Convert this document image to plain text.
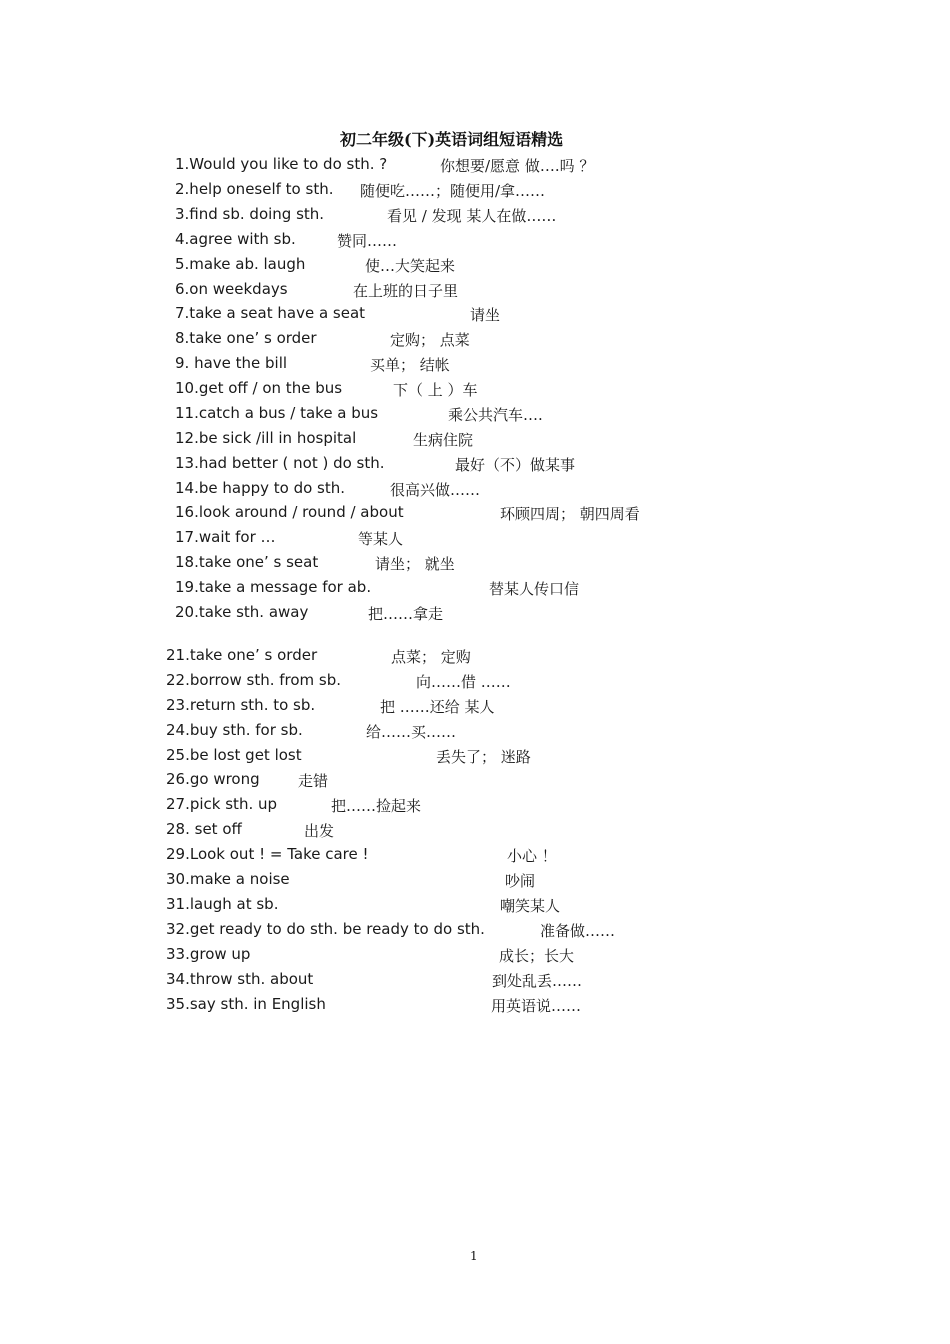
初二年级(下)英语词组短语精选
1.Would you like to do sth. ?	你想要/愿意 做….吗 ？
2.help oneself to sth. 随便吃……；随便用/拿……
3.find sb. doing sth.	看见 / 发现 某人在做……
4.agree with sb.	赞同……
5.make ab. laugh	使…大笑起来
6.on weekdays	在上班的日子里
7.take a seat have a seat	请坐
8.take one’ s order	定购； 点菜
9. have the bill	买单； 结帐
10.get off / on the bus	下（ 上 ）车
11.catch a bus / take a bus	乘公共汽车….
12.be sick /ill in hospital	生病住院
13.had better ( not ) do sth.	最好（不）做某事
14.be happy to do sth.	很高兴做……
16.look around / round / about	环顾四周； 朝四周看
17.wait for …	等某人
18.take one’ s seat	请坐； 就坐
19.take a message for ab.	替某人传口信
20.take sth. away	把……拿走
21.take one’ s order	点菜； 定购
22.borrow sth. from sb.	向……借 ……
23.return sth. to sb.	把 ……还给 某人
24.buy sth. for sb.	给……买……
25.be lost get lost	丢失了； 迷路
26.go wrong	走错
27.pick sth. up	把……捡起来
28. set off	出发
29.Look out ! = Take care !	小心 ！
30.make a noise	吵闹
31.laugh at sb.	嘲笑某人
32.get ready to do sth. be ready to do sth.	准备做……
33.grow up	成长；长大
34.throw sth. about	到处乱丢……
35.say sth. in English	用英语说……
1
